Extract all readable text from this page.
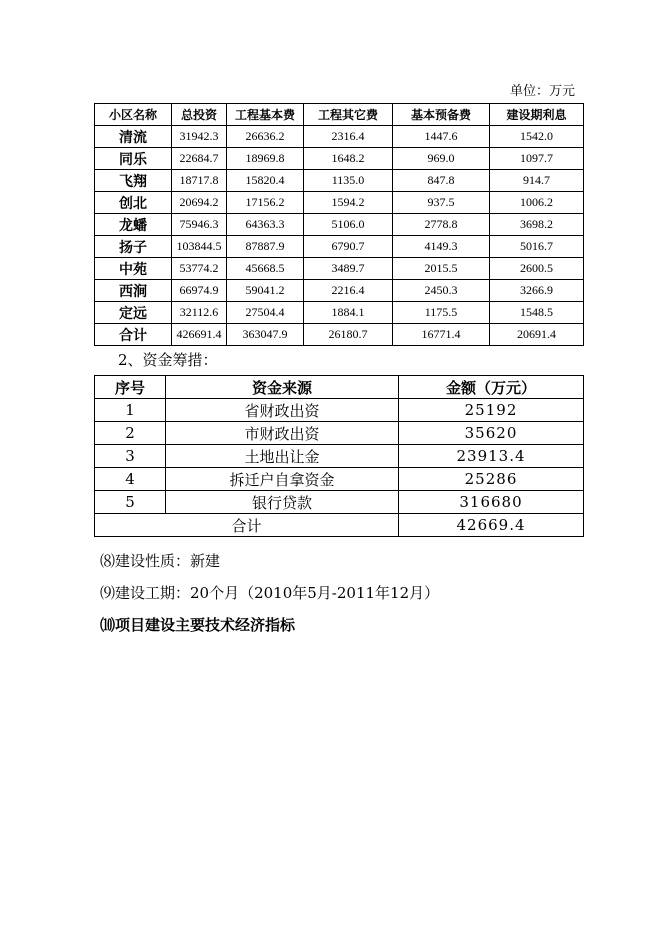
单位：万元
小区名称	总投资	工程基本费	工程其它费	基本预备费	建设期利息
清流	31942.3	26636.2	2316.4	1447.6	1542.0
同乐	22684.7	18969.8	1648.2	969.0	1097.7
飞翔	18717.8	15820.4	1135.0	847.8	914.7
创北	20694.2	17156.2	1594.2	937.5	1006.2
龙蟠	75946.3	64363.3	5106.0	2778.8	3698.2
扬子	103844.5	87887.9	6790.7	4149.3	5016.7
中苑	53774.2	45668.5	3489.7	2015.5	2600.5
西涧	66974.9	59041.2	2216.4	2450.3	3266.9
定远	32112.6	27504.4	1884.1	1175.5	1548.5
合计	426691.4	363047.9	26180.7	16771.4	20691.4
2、资金筹措：
序号	资金来源	金额（万元）
1	省财政出资	25192
2	市财政出资	35620
3	土地出让金	23913.4
4	拆迁户自拿资金	25286
5	银行贷款	316680
合计		42669.4
⑻建设性质：新建
⑼建设工期：20个月（2010年5月-2011年12月）
⑽项目建设主要技术经济指标
